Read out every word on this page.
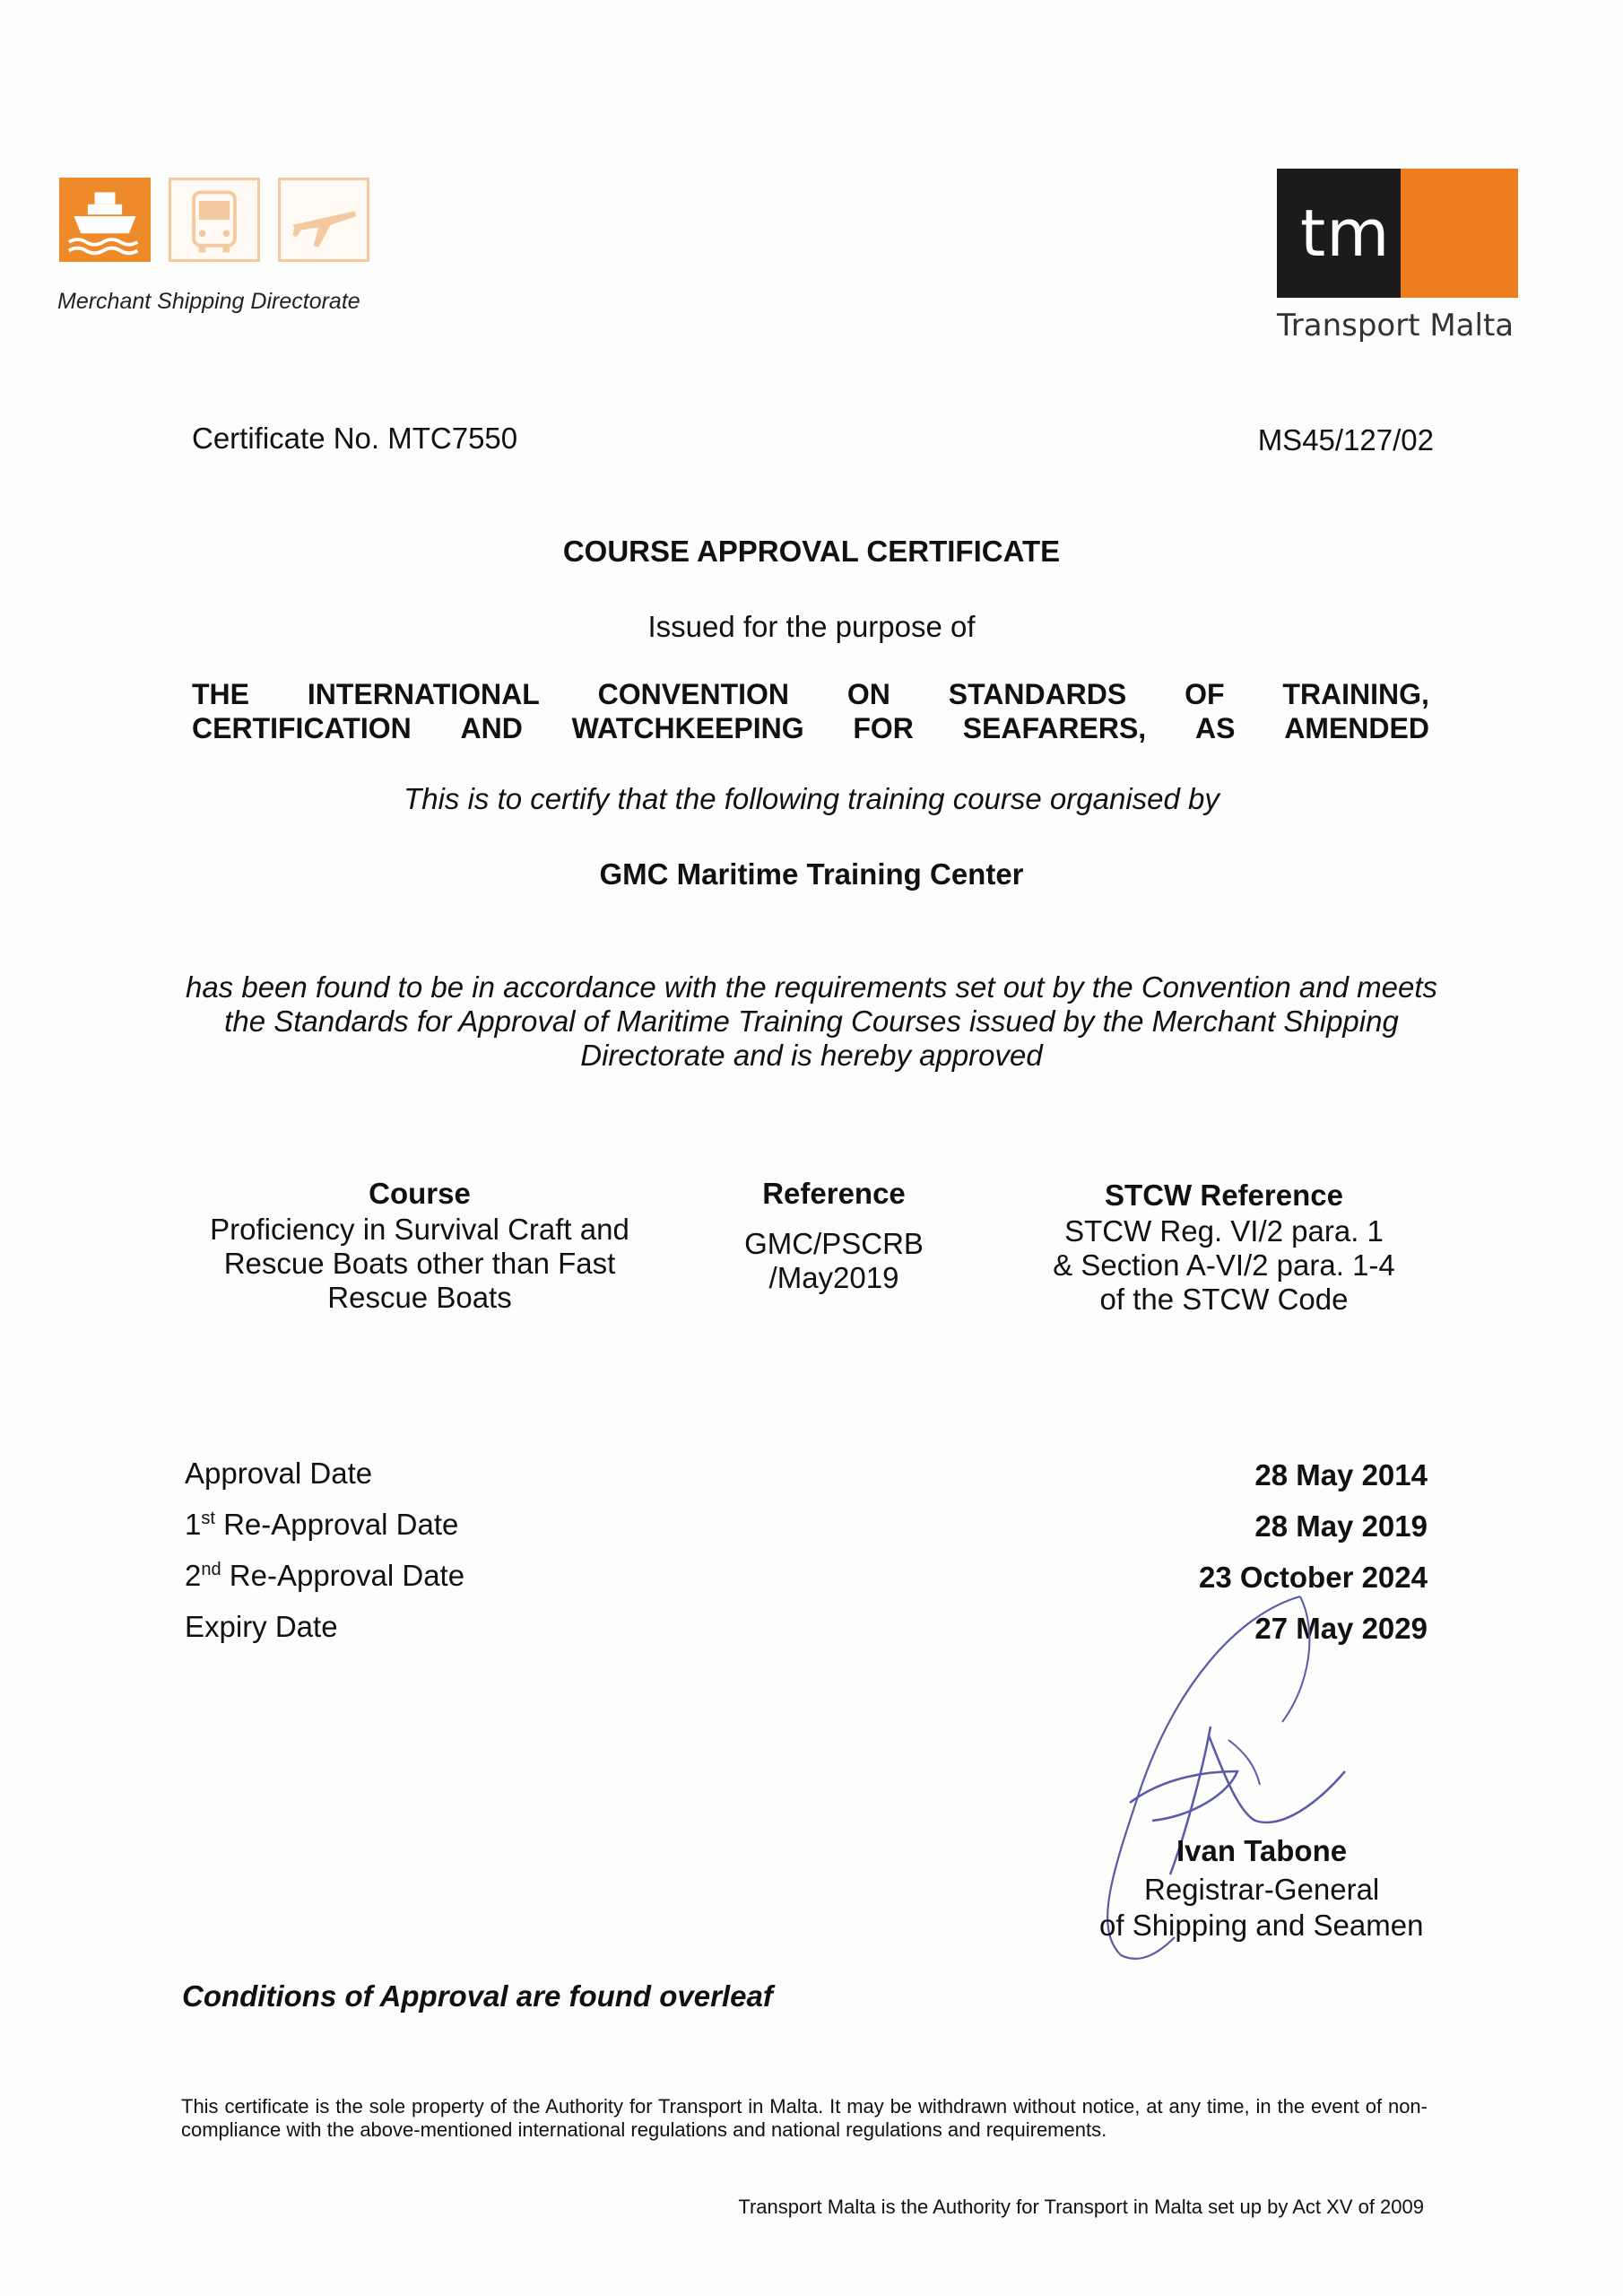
Merchant Shipping Directorate
tm
Transport Malta
Certificate No. MTC7550	MS45/127/02
COURSE APPROVAL CERTIFICATE
Issued for the purpose of
THE INTERNATIONAL CONVENTION ON STANDARDS OF TRAINING,
CERTIFICATION AND WATCHKEEPING FOR SEAFARERS, AS AMENDED
This is to certify that the following training course organised by
GMC Maritime Training Center
has been found to be in accordance with the requirements set out by the Convention and meets the Standards for Approval of Maritime Training Courses issued by the Merchant Shipping Directorate and is hereby approved
Course
Proficiency in Survival Craft and
Rescue Boats other than Fast
Rescue Boats
Reference
GMC/PSCRB
/May2019
STCW Reference
STCW Reg. VI/2 para. 1
& Section A-VI/2 para. 1-4
of the STCW Code
Approval Date
1st Re-Approval Date
2nd Re-Approval Date
Expiry Date
28 May 2014
28 May 2019
23 October 2024
27 May 2029
Ivan Tabone
Registrar-General
of Shipping and Seamen
Conditions of Approval are found overleaf
This certificate is the sole property of the Authority for Transport in Malta. It may be withdrawn without notice, at any time, in the event of non-compliance with the above-mentioned international regulations and national regulations and requirements.
Transport Malta is the Authority for Transport in Malta set up by Act XV of 2009
